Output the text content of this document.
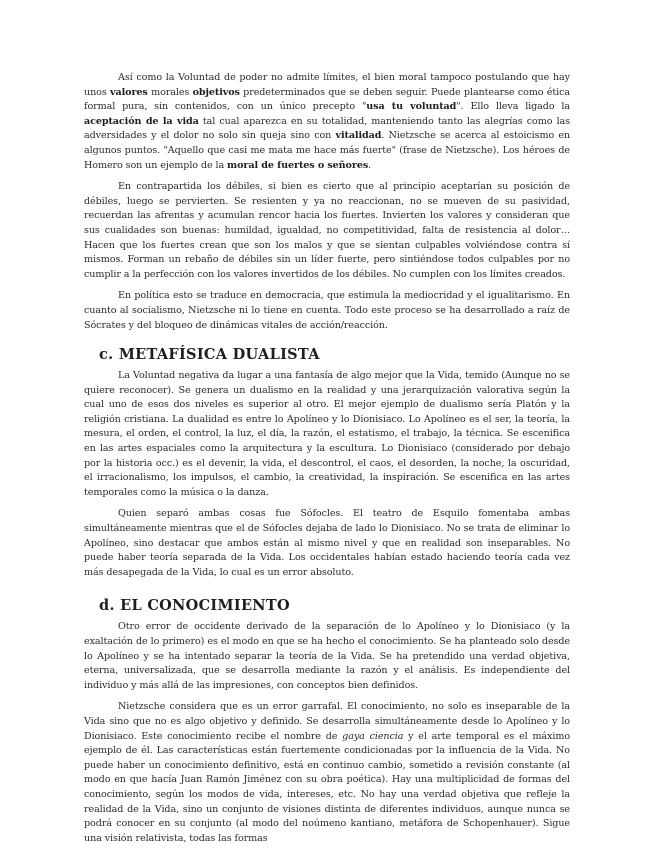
Así como la Voluntad de poder no admite límites, el bien moral tampoco postulando que hay unos valores morales objetivos predeterminados que se deben seguir. Puede plantearse como ética formal pura, sin contenidos, con un único precepto "usa tu voluntad". Ello lleva ligado la aceptación de la vida tal cual aparezca en su totalidad, manteniendo tanto las alegrías como las adversidades y el dolor no solo sin queja sino con vitalidad. Nietzsche se acerca al estoicismo en algunos puntos. "Aquello que casi me mata me hace más fuerte" (frase de Nietzsche). Los héroes de Homero son un ejemplo de la moral de fuertes o señores.

En contrapartida los débiles, si bien es cierto que al principio aceptarían su posición de débiles, luego se pervierten. Se resienten y ya no reaccionan, no se mueven de su pasividad, recuerdan las afrentas y acumulan rencor hacia los fuertes. Invierten los valores y consideran que sus cualidades son buenas: humildad, igualdad, no competitividad, falta de resistencia al dolor… Hacen que los fuertes crean que son los malos y que se sientan culpables volviéndose contra sí mismos. Forman un rebaño de débiles sin un líder fuerte, pero sintiéndose todos culpables por no cumplir a la perfección con los valores invertidos de los débiles. No cumplen con los límites creados.

En política esto se traduce en democracia, que estimula la mediocridad y el igualitarismo. En cuanto al socialismo, Nietzsche ni lo tiene en cuenta. Todo este proceso se ha desarrollado a raíz de Sócrates y del bloqueo de dinámicas vitales de acción/reacción.

c. METAFÍSICA DUALISTA

La Voluntad negativa da lugar a una fantasía de algo mejor que la Vida, temido (Aunque no se quiere reconocer). Se genera un dualismo en la realidad y una jerarquización valorativa según la cual uno de esos dos niveles es superior al otro. El mejor ejemplo de dualismo sería Platón y la religión cristiana. La dualidad es entre lo Apolíneo y lo Dionisiaco. Lo Apolíneo es el ser, la teoría, la mesura, el orden, el control, la luz, el día, la razón, el estatismo, el trabajo, la técnica. Se escenifica en las artes espaciales como la arquitectura y la escultura. Lo Dionisiaco (considerado por debajo por la historia occ.) es el devenir, la vida, el descontrol, el caos, el desorden, la noche, la oscuridad, el irracionalismo, los impulsos, el cambio, la creatividad, la inspiración. Se escenifica en las artes temporales como la música o la danza.

Quien separó ambas cosas fue Sófocles. El teatro de Esquilo fomentaba ambas simultáneamente mientras que el de Sófocles dejaba de lado lo Dionisiaco. No se trata de eliminar lo Apolíneo, sino destacar que ambos están al mismo nivel y que en realidad son inseparables. No puede haber teoría separada de la Vida. Los occidentales habían estado haciendo teoría cada vez más desapegada de la Vida, lo cual es un error absoluto.

d. EL CONOCIMIENTO

Otro error de occidente derivado de la separación de lo Apolíneo y lo Dionisiaco (y la exaltación de lo primero) es el modo en que se ha hecho el conocimiento. Se ha planteado solo desde lo Apolíneo y se ha intentado separar la teoría de la Vida. Se ha pretendido una verdad objetiva, eterna, universalizada, que se desarrolla mediante la razón y el análisis. Es independiente del individuo y más allá de las impresiones, con conceptos bien definidos.

Nietzsche considera que es un error garrafal. El conocimiento, no solo es inseparable de la Vida sino que no es algo objetivo y definido. Se desarrolla simultáneamente desde lo Apolíneo y lo Dionisiaco. Este conocimiento recibe el nombre de gaya ciencia y el arte temporal es el máximo ejemplo de él. Las características están fuertemente condicionadas por la influencia de la Vida. No puede haber un conocimiento definitivo, está en continuo cambio, sometido a revisión constante (al modo en que hacía Juan Ramón Jiménez con su obra poética). Hay una multiplicidad de formas del conocimiento, según los modos de vida, intereses, etc. No hay una verdad objetiva que refleje la realidad de la Vida, sino un conjunto de visiones distinta de diferentes individuos, aunque nunca se podrá conocer en su conjunto (al modo del noúmeno kantiano, metáfora de Schopenhauer). Sigue una visión relativista, todas las formas
